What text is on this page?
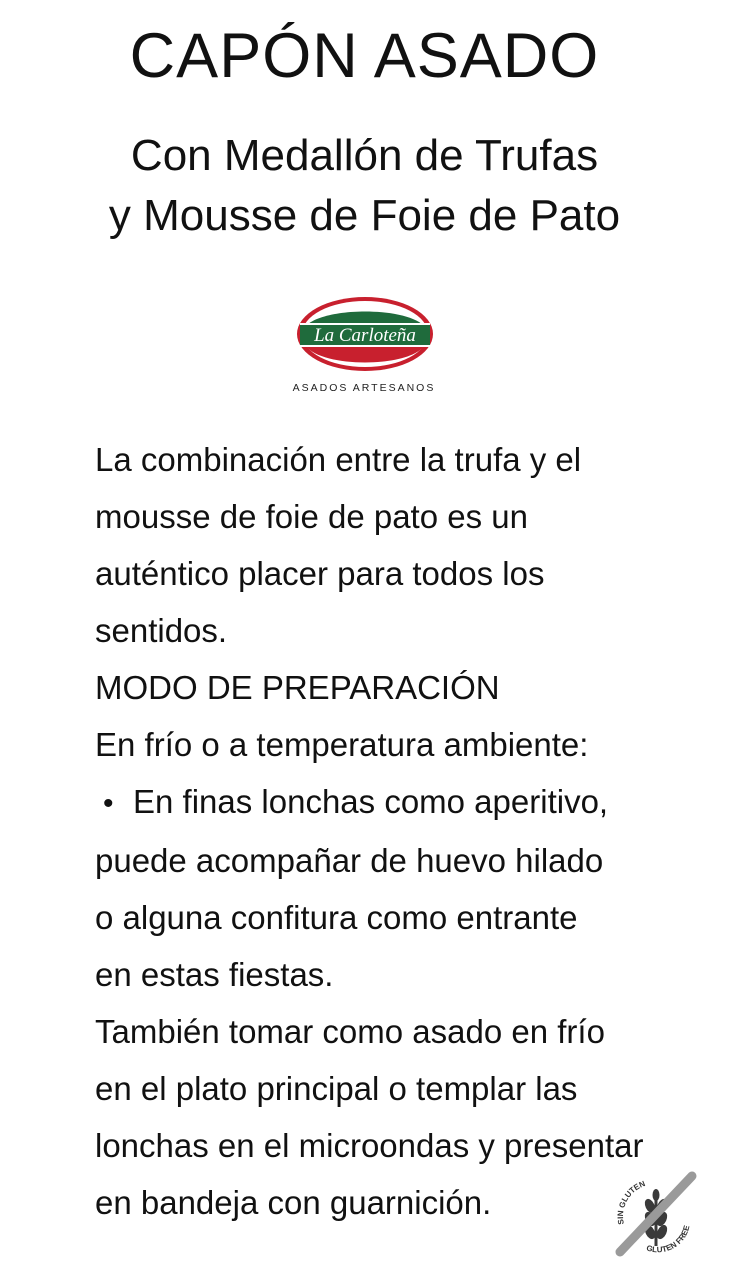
CAPÓN ASADO
Con Medallón de Trufas
y Mousse de Foie de Pato
La Carloteña
ASADOS ARTESANOS
La combinación entre la trufa y el
mousse de foie de pato es un
auténtico placer para todos los
sentidos.
MODO DE PREPARACIÓN
En frío o a temperatura ambiente:
• En finas lonchas como aperitivo,
puede acompañar de huevo hilado
o alguna confitura como entrante
en estas fiestas.
También tomar como asado en frío
en el plato principal o templar las
lonchas en el microondas y presentar
en bandeja con guarnición.
SIN GLUTEN
GLUTEN FREE
